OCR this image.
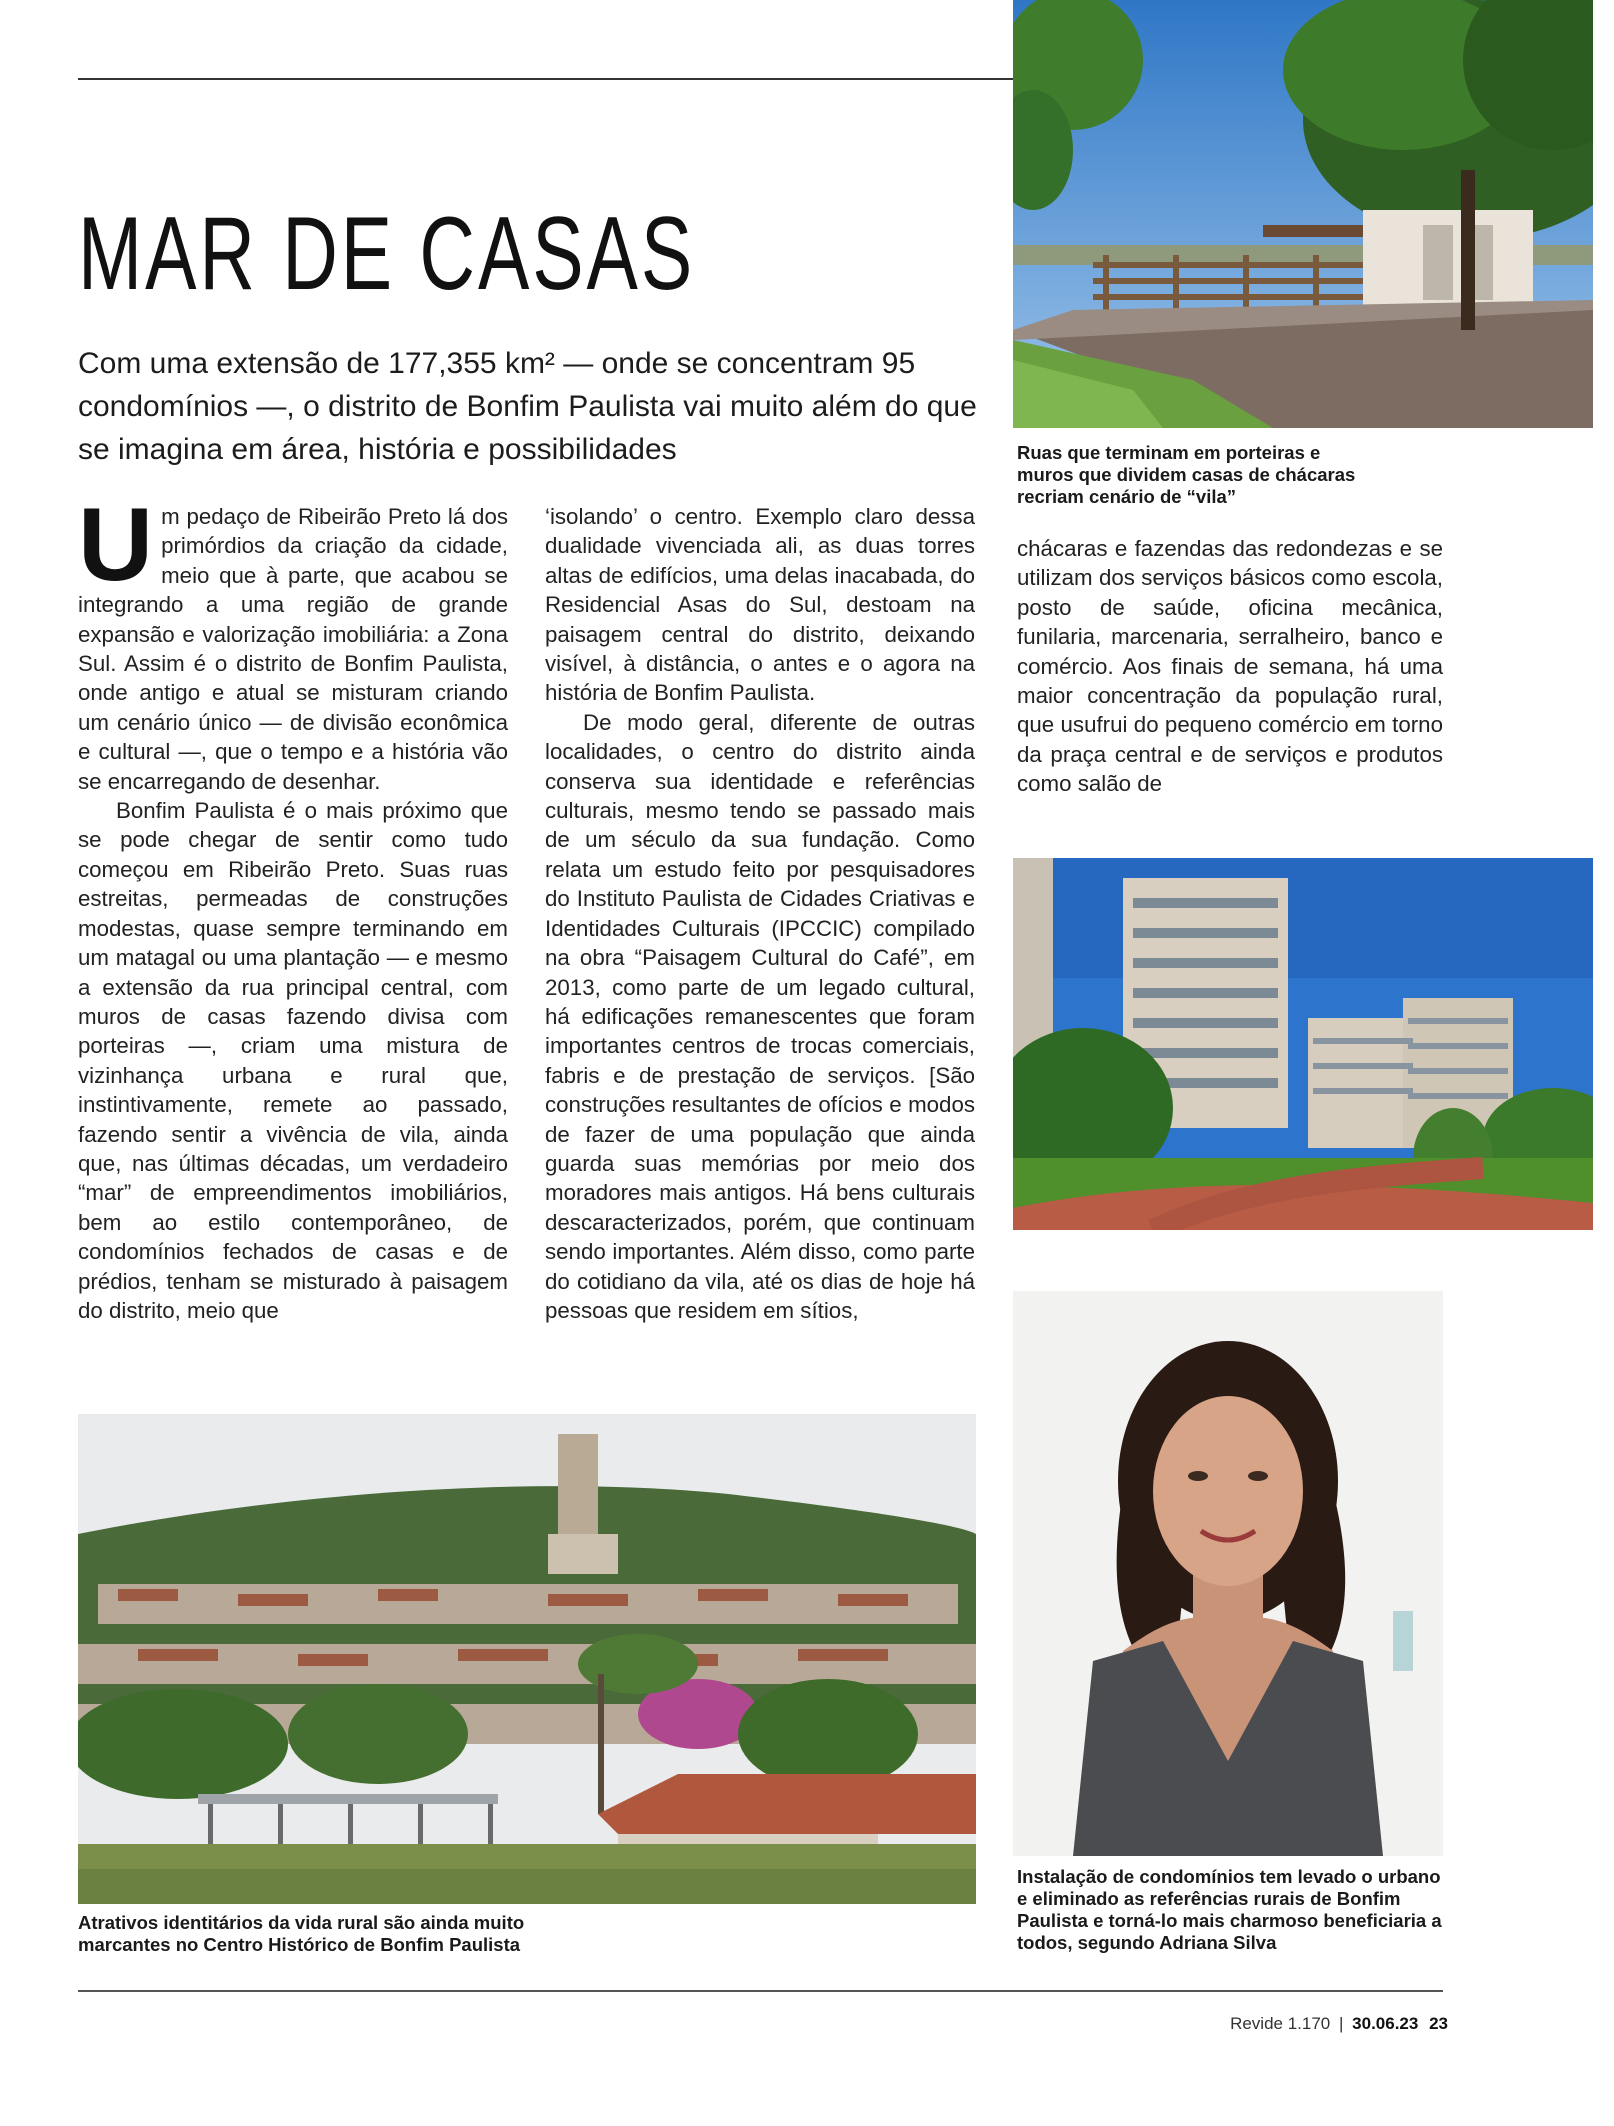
Ruas que terminam em porteiras e muros que dividem casas de chácaras recriam cenário de “vila”
MAR DE CASAS
Com uma extensão de 177,355 km² — onde se concentram 95 condomínios —, o distrito de Bonfim Paulista vai muito além do que se imagina em área, história e possibilidades

Um pedaço de Ribeirão Preto lá dos primórdios da criação da cidade, meio que à parte, que acabou se integrando a uma região de grande expansão e valorização imobiliária: a Zona Sul. Assim é o distrito de Bonfim Paulista, onde antigo e atual se misturam criando um cenário único — de divisão econômica e cultural —, que o tempo e a história vão se encarregando de desenhar.

Bonfim Paulista é o mais próximo que se pode chegar de sentir como tudo começou em Ribeirão Preto. Suas ruas estreitas, permeadas de construções modestas, quase sempre terminando em um matagal ou uma plantação — e mesmo a extensão da rua principal central, com muros de casas fazendo divisa com porteiras —, criam uma mistura de vizinhança urbana e rural que, instintivamente, remete ao passado, fazendo sentir a vivência de vila, ainda que, nas últimas décadas, um verdadeiro “mar” de empreendimentos imobiliários, bem ao estilo contemporâneo, de condomínios fechados de casas e de prédios, tenham se misturado à paisagem do distrito, meio que

‘isolando’ o centro. Exemplo claro dessa dualidade vivenciada ali, as duas torres altas de edifícios, uma delas inacabada, do Residencial Asas do Sul, destoam na paisagem central do distrito, deixando visível, à distância, o antes e o agora na história de Bonfim Paulista.

De modo geral, diferente de outras localidades, o centro do distrito ainda conserva sua identidade e referências culturais, mesmo tendo se passado mais de um século da sua fundação. Como relata um estudo feito por pesquisadores do Instituto Paulista de Cidades Criativas e Identidades Culturais (IPCCIC) compilado na obra “Paisagem Cultural do Café”, em 2013, como parte de um legado cultural, há edificações remanescentes que foram importantes centros de trocas comerciais, fabris e de prestação de serviços. [São construções resultantes de ofícios e modos de fazer de uma população que ainda guarda suas memórias por meio dos moradores mais antigos. Há bens culturais descaracterizados, porém, que continuam sendo importantes. Além disso, como parte do cotidiano da vila, até os dias de hoje há pessoas que residem em sítios,

chácaras e fazendas das redondezas e se utilizam dos serviços básicos como escola, posto de saúde, oficina mecânica, funilaria, marcenaria, serralheiro, banco e comércio. Aos finais de semana, há uma maior concentração da população rural, que usufrui do pequeno comércio em torno da praça central e de serviços e produtos como salão de

Atrativos identitários da vida rural são ainda muito marcantes no Centro Histórico de Bonfim Paulista
Instalação de condomínios tem levado o urbano e eliminado as referências rurais de Bonfim Paulista e torná-lo mais charmoso beneficiaria a todos, segundo Adriana Silva
Revide 1.170 | 30.06.23 23
